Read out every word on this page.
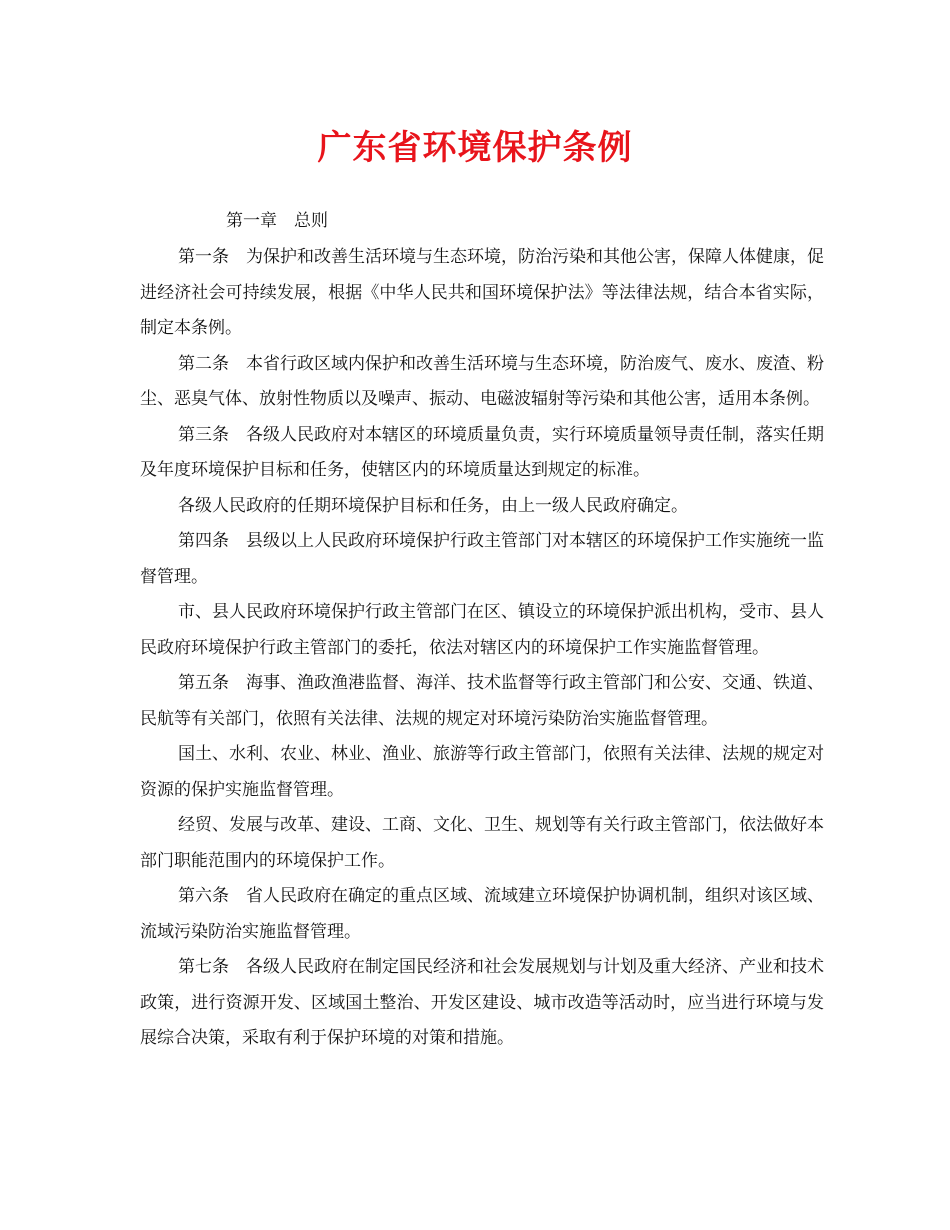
广东省环境保护条例
第一章　总则

第一条　为保护和改善生活环境与生态环境，防治污染和其他公害，保障人体健康，促进经济社会可持续发展，根据《中华人民共和国环境保护法》等法律法规，结合本省实际，制定本条例。

第二条　本省行政区域内保护和改善生活环境与生态环境，防治废气、废水、废渣、粉尘、恶臭气体、放射性物质以及噪声、振动、电磁波辐射等污染和其他公害，适用本条例。

第三条　各级人民政府对本辖区的环境质量负责，实行环境质量领导责任制，落实任期及年度环境保护目标和任务，使辖区内的环境质量达到规定的标准。

各级人民政府的任期环境保护目标和任务，由上一级人民政府确定。

第四条　县级以上人民政府环境保护行政主管部门对本辖区的环境保护工作实施统一监督管理。

市、县人民政府环境保护行政主管部门在区、镇设立的环境保护派出机构，受市、县人民政府环境保护行政主管部门的委托，依法对辖区内的环境保护工作实施监督管理。

第五条　海事、渔政渔港监督、海洋、技术监督等行政主管部门和公安、交通、铁道、民航等有关部门，依照有关法律、法规的规定对环境污染防治实施监督管理。

国土、水利、农业、林业、渔业、旅游等行政主管部门，依照有关法律、法规的规定对资源的保护实施监督管理。

经贸、发展与改革、建设、工商、文化、卫生、规划等有关行政主管部门，依法做好本部门职能范围内的环境保护工作。

第六条　省人民政府在确定的重点区域、流域建立环境保护协调机制，组织对该区域、流域污染防治实施监督管理。

第七条　各级人民政府在制定国民经济和社会发展规划与计划及重大经济、产业和技术政策，进行资源开发、区域国土整治、开发区建设、城市改造等活动时，应当进行环境与发展综合决策，采取有利于保护环境的对策和措施。
